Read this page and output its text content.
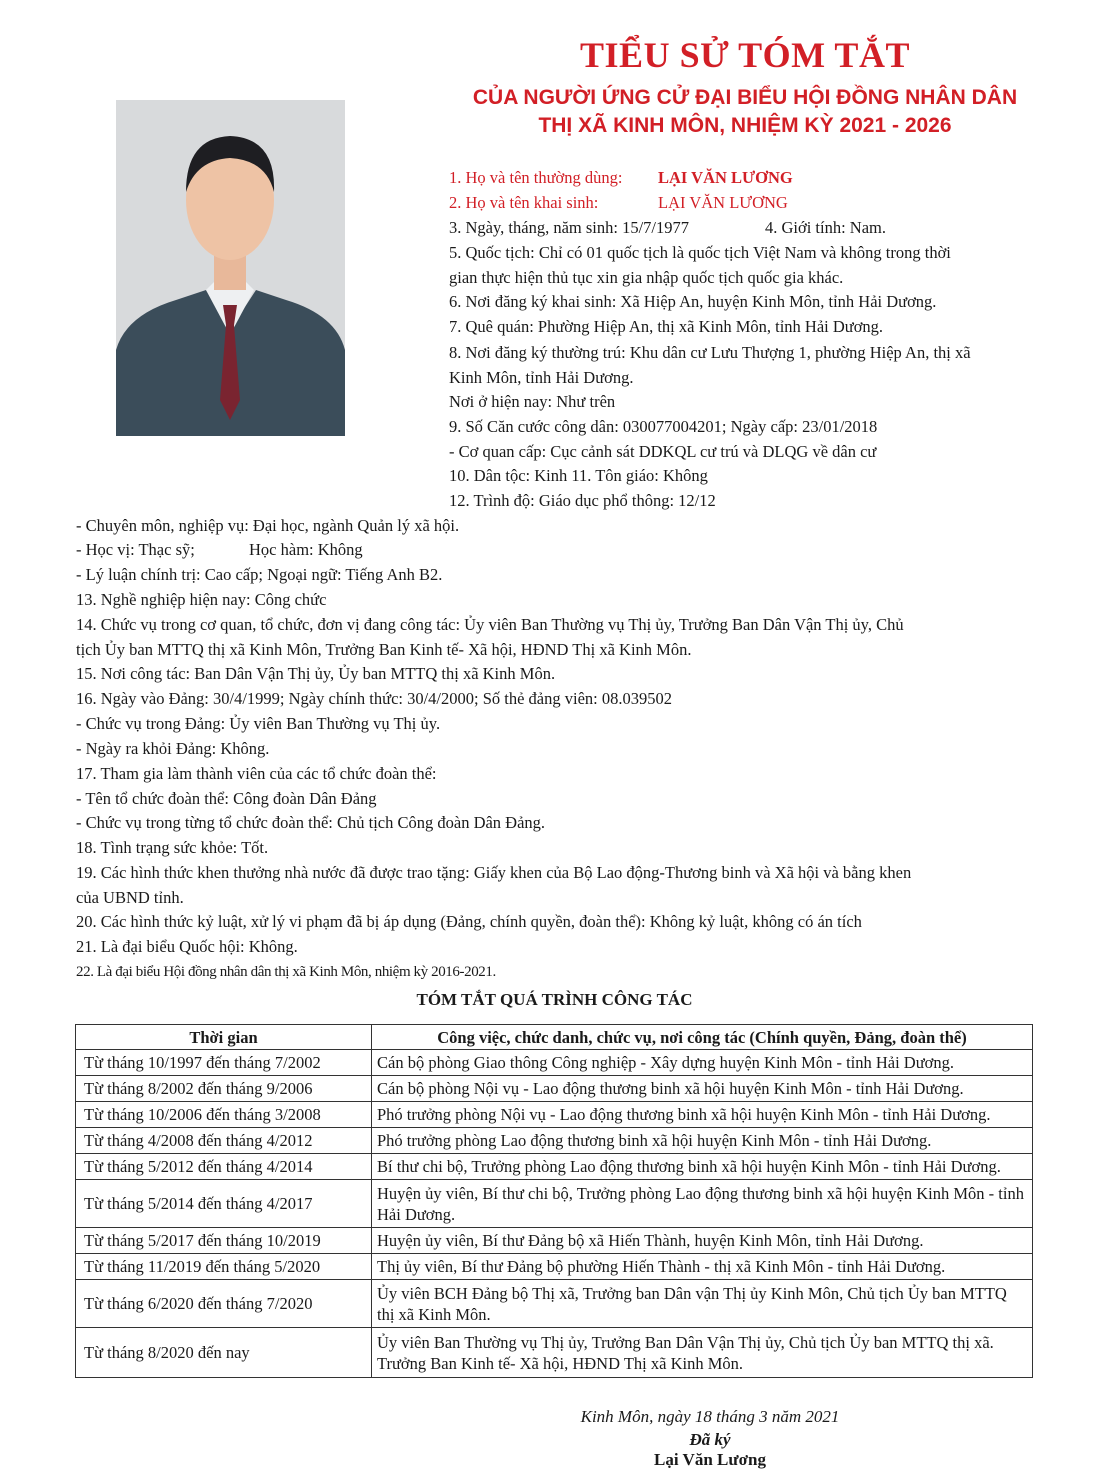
TIỂU SỬ TÓM TẮT
CỦA NGƯỜI ỨNG CỬ ĐẠI BIỂU HỘI ĐỒNG NHÂN DÂN
THỊ XÃ KINH MÔN, NHIỆM KỲ 2021 - 2026
1. Họ và tên thường dùng: LẠI VĂN LƯƠNG
2. Họ và tên khai sinh:	LẠI VĂN LƯƠNG
3. Ngày, tháng, năm sinh: 15/7/1977	4. Giới tính: Nam.
5. Quốc tịch: Chỉ có 01 quốc tịch là quốc tịch Việt Nam và không trong thời
gian thực hiện thủ tục xin gia nhập quốc tịch quốc gia khác.
6. Nơi đăng ký khai sinh: Xã Hiệp An, huyện Kinh Môn, tỉnh Hải Dương.
7. Quê quán: Phường Hiệp An, thị xã Kinh Môn, tỉnh Hải Dương.
8. Nơi đăng ký thường trú: Khu dân cư Lưu Thượng 1, phường Hiệp An, thị xã
Kinh Môn, tỉnh Hải Dương.
Nơi ở hiện nay: Như trên
9. Số Căn cước công dân: 030077004201; Ngày cấp: 23/01/2018
- Cơ quan cấp: Cục cảnh sát DDKQL cư trú và DLQG về dân cư
10. Dân tộc: Kinh 11. Tôn giáo: Không
12. Trình độ: Giáo dục phổ thông: 12/12
- Chuyên môn, nghiệp vụ: Đại học, ngành Quản lý xã hội.
- Học vị: Thạc sỹ;	Học hàm: Không
- Lý luận chính trị: Cao cấp; Ngoại ngữ: Tiếng Anh B2.
13. Nghề nghiệp hiện nay: Công chức
14. Chức vụ trong cơ quan, tổ chức, đơn vị đang công tác: Ủy viên Ban Thường vụ Thị ủy, Trưởng Ban Dân Vận Thị ủy, Chủ
tịch Ủy ban MTTQ thị xã Kinh Môn, Trưởng Ban Kinh tế- Xã hội, HĐND Thị xã Kinh Môn.
15. Nơi công tác: Ban Dân Vận Thị ủy, Ủy ban MTTQ thị xã Kinh Môn.
16. Ngày vào Đảng: 30/4/1999; Ngày chính thức: 30/4/2000; Số thẻ đảng viên: 08.039502
- Chức vụ trong Đảng: Ủy viên Ban Thường vụ Thị ủy.
- Ngày ra khỏi Đảng: Không.
17. Tham gia làm thành viên của các tổ chức đoàn thể:
- Tên tổ chức đoàn thể: Công đoàn Dân Đảng
- Chức vụ trong từng tổ chức đoàn thể: Chủ tịch Công đoàn Dân Đảng.
18. Tình trạng sức khỏe: Tốt.
19. Các hình thức khen thưởng nhà nước đã được trao tặng: Giấy khen của Bộ Lao động-Thương binh và Xã hội và bằng khen
của UBND tỉnh.
20. Các hình thức kỷ luật, xử lý vi phạm đã bị áp dụng (Đảng, chính quyền, đoàn thể): Không kỷ luật, không có án tích
21. Là đại biểu Quốc hội: Không.
22. Là đại biểu Hội đồng nhân dân thị xã Kinh Môn, nhiệm kỳ 2016-2021.
TÓM TẮT QUÁ TRÌNH CÔNG TÁC
Thời gian	Công việc, chức danh, chức vụ, nơi công tác (Chính quyền, Đảng, đoàn thể)
Từ tháng 10/1997 đến tháng 7/2002	Cán bộ phòng Giao thông Công nghiệp - Xây dựng huyện Kinh Môn - tỉnh Hải Dương.
Từ tháng 8/2002 đến tháng 9/2006	Cán bộ phòng Nội vụ - Lao động thương binh xã hội huyện Kinh Môn - tỉnh Hải Dương.
Từ tháng 10/2006 đến tháng 3/2008	Phó trưởng phòng Nội vụ - Lao động thương binh xã hội huyện Kinh Môn - tỉnh Hải Dương.
Từ tháng 4/2008 đến tháng 4/2012	Phó trưởng phòng Lao động thương binh xã hội huyện Kinh Môn - tỉnh Hải Dương.
Từ tháng 5/2012 đến tháng 4/2014	Bí thư chi bộ, Trưởng phòng Lao động thương binh xã hội huyện Kinh Môn - tỉnh Hải Dương.
Từ tháng 5/2014 đến tháng 4/2017	Huyện ủy viên, Bí thư chi bộ, Trưởng phòng Lao động thương binh xã hội huyện Kinh Môn - tỉnh Hải Dương.
Từ tháng 5/2017 đến tháng 10/2019	Huyện ủy viên, Bí thư Đảng bộ xã Hiến Thành, huyện Kinh Môn, tỉnh Hải Dương.
Từ tháng 11/2019 đến tháng 5/2020	Thị ủy viên, Bí thư Đảng bộ phường Hiến Thành - thị xã Kinh Môn - tỉnh Hải Dương.
Từ tháng 6/2020 đến tháng 7/2020	Ủy viên BCH Đảng bộ Thị xã, Trưởng ban Dân vận Thị ủy Kinh Môn, Chủ tịch Ủy ban MTTQ thị xã Kinh Môn.
Từ tháng 8/2020 đến nay	Ủy viên Ban Thường vụ Thị ủy, Trưởng Ban Dân Vận Thị ủy, Chủ tịch Ủy ban MTTQ thị xã. Trưởng Ban Kinh tế- Xã hội, HĐND Thị xã Kinh Môn.
Kinh Môn, ngày 18 tháng 3 năm 2021
Đã ký
Lại Văn Lương
